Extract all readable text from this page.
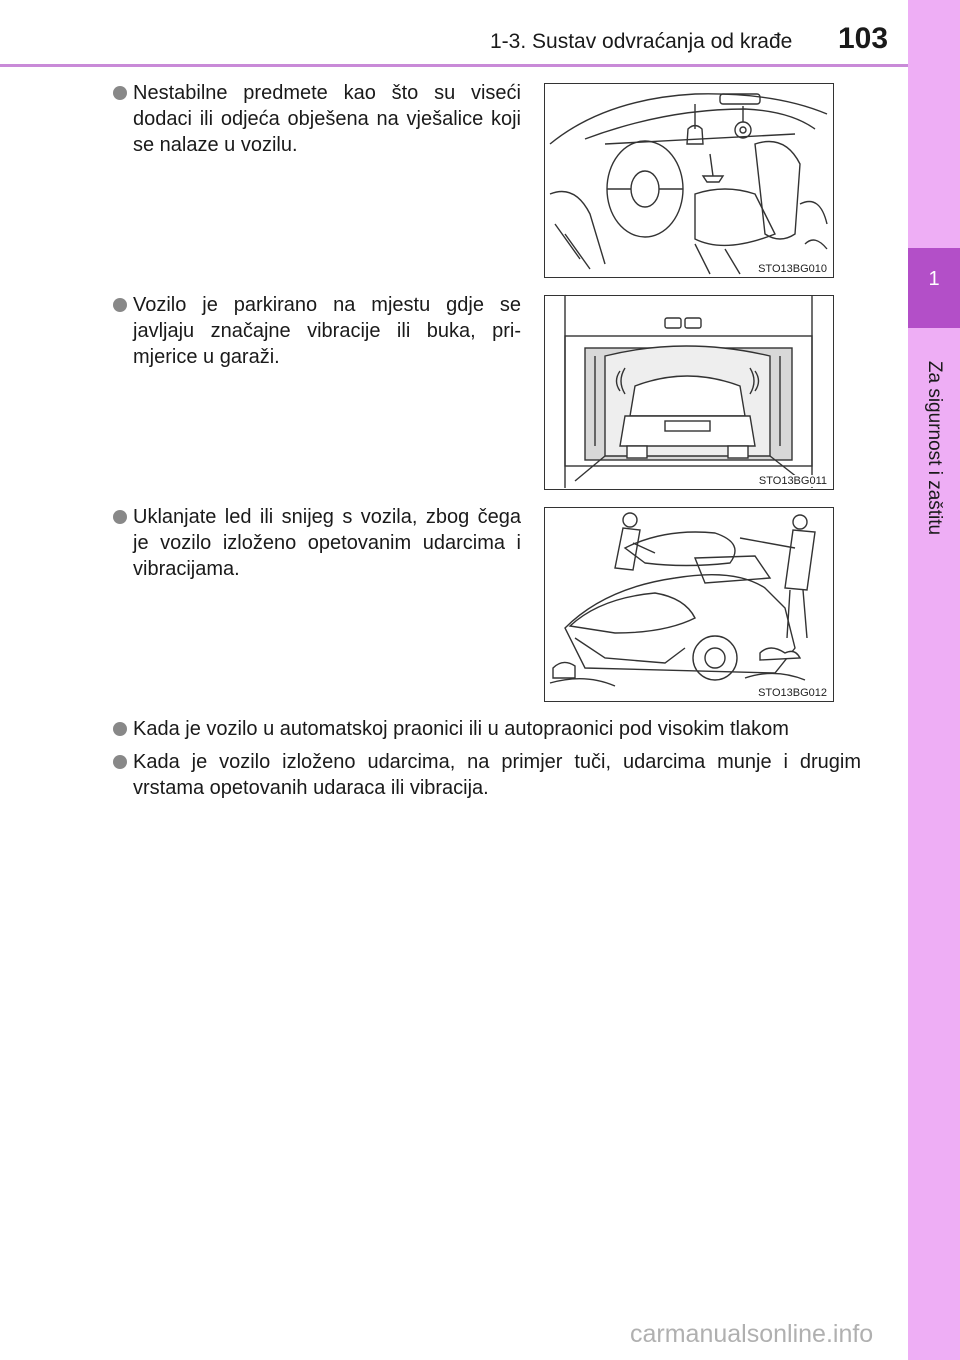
1-3. Sustav odvraćanja od krađe 103
1
Za sigurnost i zaštitu
Nestabilne predmete kao što su viseći dodaci ili odjeća obješena na vješalice koji se nalaze u vozilu.
Vozilo je parkirano na mjestu gdje se javljaju značajne vibracije ili buka, pri-mjerice u garaži.
Uklanjate led ili snijeg s vozila, zbog čega je vozilo izloženo opetovanim udarcima i vibracijama.
Kada je vozilo u automatskoj praonici ili u autopraonici pod visokim tlakom
Kada je vozilo izloženo udarcima, na primjer tuči, udarcima munje i drugim vrstama opetovanih udaraca ili vibracija.
STO13BG010
STO13BG011
STO13BG012
carmanualsonline.info
